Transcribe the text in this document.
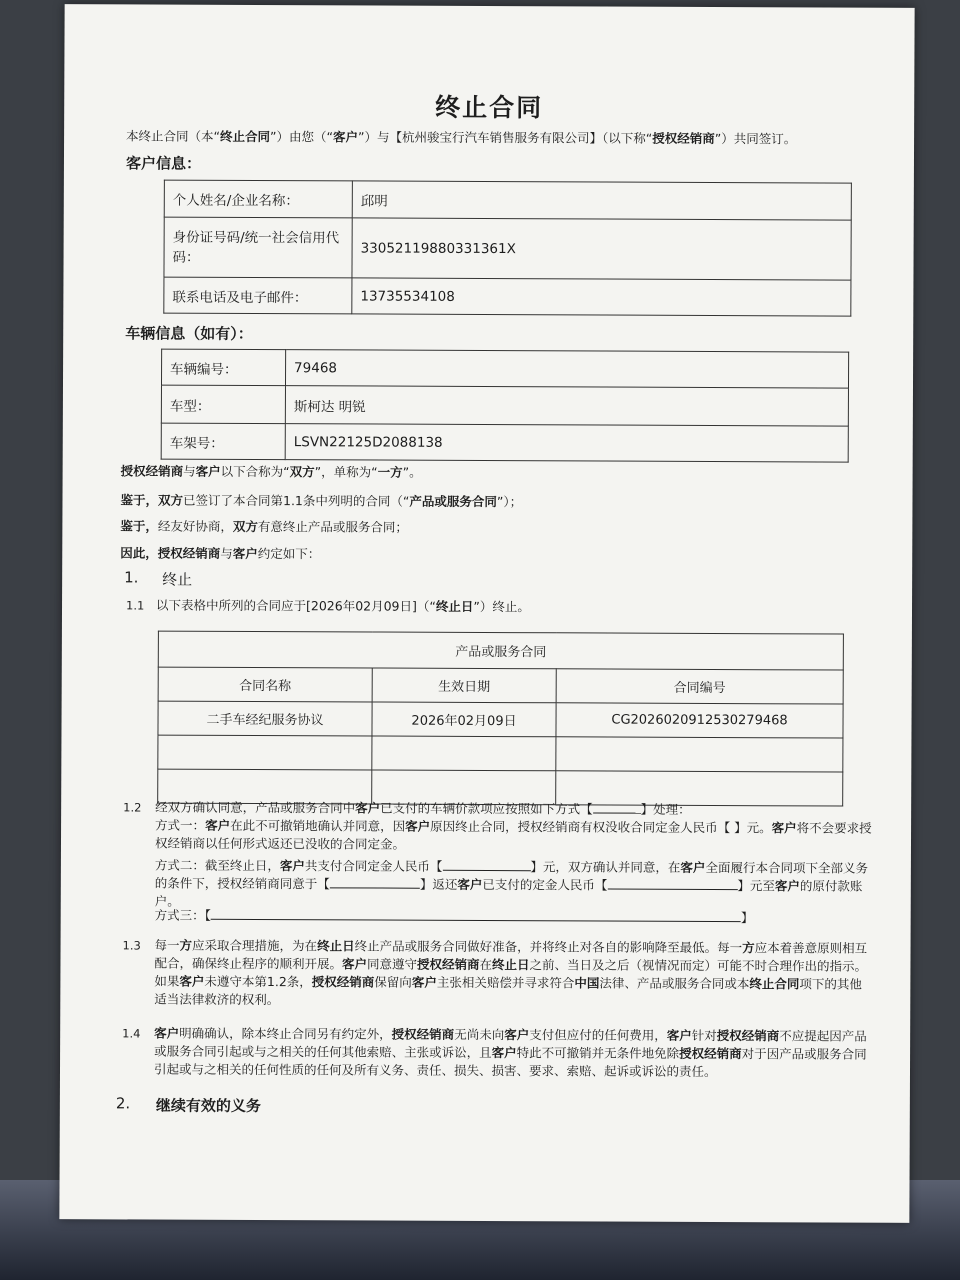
终止合同
本终止合同（本“终止合同”）由您（“客户”）与【杭州骏宝行汽车销售服务有限公司】（以下称“授权经销商”）共同签订。
客户信息：
个人姓名/企业名称：	邱明
身份证号码/统一社会信用代码：	330521198803313​61X
联系电话及电子邮件：	13735534108
车辆信息（如有）：
车辆编号：	79468
车型：	斯柯达 明锐
车架号：	LSVN22125D2088138
授权经销商与客户以下合称为“双方”，单称为“一方”。
鉴于，双方已签订了本合同第1.1条中列明的合同（“产品或服务合同”）；
鉴于，经友好协商，双方有意终止产品或服务合同；
因此，授权经销商与客户约定如下：
1. 终止
1.1 以下表格中所列的合同应于[2026年02月09日]（“终止日”）终止。
产品或服务合同		
合同名称	生效日期	合同编号
二手车经纪服务协议	2026年02月09日	CG2026020912530279468

1.2 经双方确认同意，产品或服务合同中客户已支付的车辆价款项应按照如下方式【	】处理：
方式一：客户在此不可撤销地确认并同意，因客户原因终止合同，授权经销商有权没收合同定金人民币【 】元。客户将不会要求授
权经销商以任何形式返还已没收的合同定金。
方式二：截至终止日，客户共支付合同定金人民币【	】元，双方确认并同意，在客户全面履行本合同项下全部义务
的条件下，授权经销商同意于【	】返还客户已支付的定金人民币【	】元至客户的原付款账
户。
方式三：【	】
1.3 每一方应采取合理措施，为在终止日终止产品或服务合同做好准备，并将终止对各自的影响降至最低。每一方应本着善意原则相互
配合，确保终止程序的顺利开展。客户同意遵守授权经销商在终止日之前、当日及之后（视情况而定）可能不时合理作出的指示。
如果客户未遵守本第1.2条，授权经销商保留向客户主张相关赔偿并寻求符合中国法律、产品或服务合同或本终止合同项下的其他
适当法律救济的权利。
1.4 客户明确确认，除本终止合同另有约定外，授权经销商无尚未向客户支付但应付的任何费用，客户针对授权经销商不应提起因产品
或服务合同引起或与之相关的任何其他索赔、主张或诉讼，且客户特此不可撤销并无条件地免除授权经销商对于因产品或服务合同
引起或与之相关的任何性质的任何及所有义务、责任、损失、损害、要求、索赔、起诉或诉讼的责任。
2. 继续有效的义务
